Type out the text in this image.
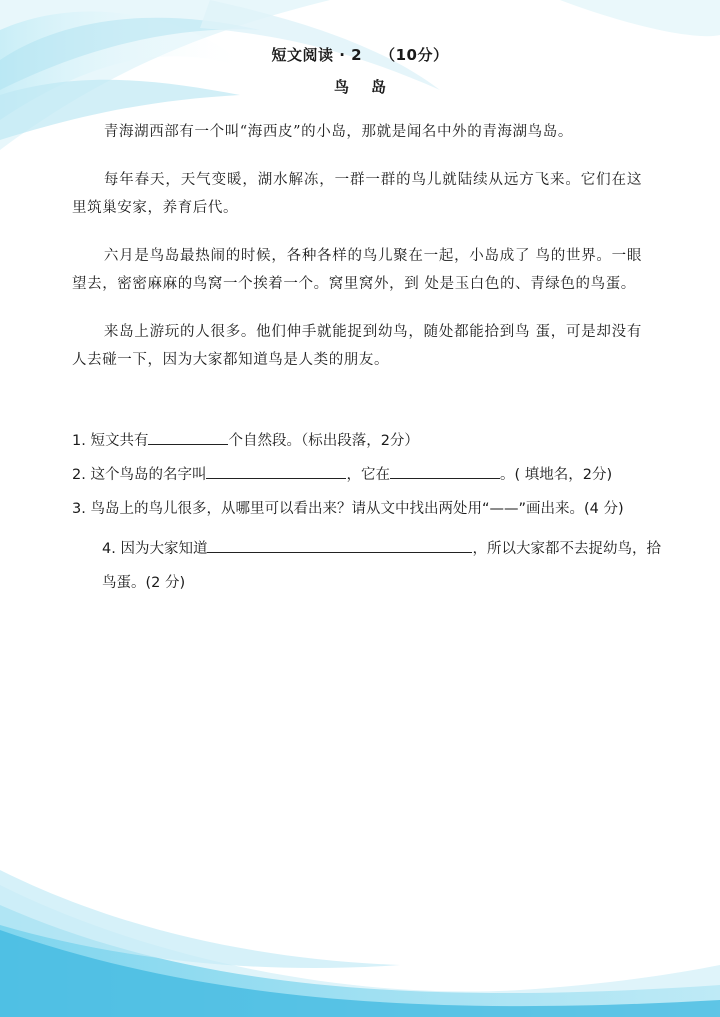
短文阅读 · 2 （10分）
鸟 岛

青海湖西部有一个叫“海西皮”的小岛，那就是闻名中外的青海湖鸟岛。

每年春天，天气变暖，湖水解冻，一群一群的鸟儿就陆续从远方飞来。它们在这里筑巢安家，养育后代。

六月是鸟岛最热闹的时候，各种各样的鸟儿聚在一起，小岛成了 鸟的世界。一眼望去，密密麻麻的鸟窝一个挨着一个。窝里窝外，到 处是玉白色的、青绿色的鸟蛋。

来岛上游玩的人很多。他们伸手就能捉到幼鸟，随处都能拾到鸟 蛋，可是却没有人去碰一下，因为大家都知道鸟是人类的朋友。

1. 短文共有	个自然段。（标出段落，2分）
2. 这个鸟岛的名字叫	，它在	。( 填地名，2分)
3. 鸟岛上的鸟儿很多，从哪里可以看出来？请从文中找出两处用“——”画出来。(4 分)
4. 因为大家知道	，所以大家都不去捉幼鸟，拾鸟蛋。(2 分)
